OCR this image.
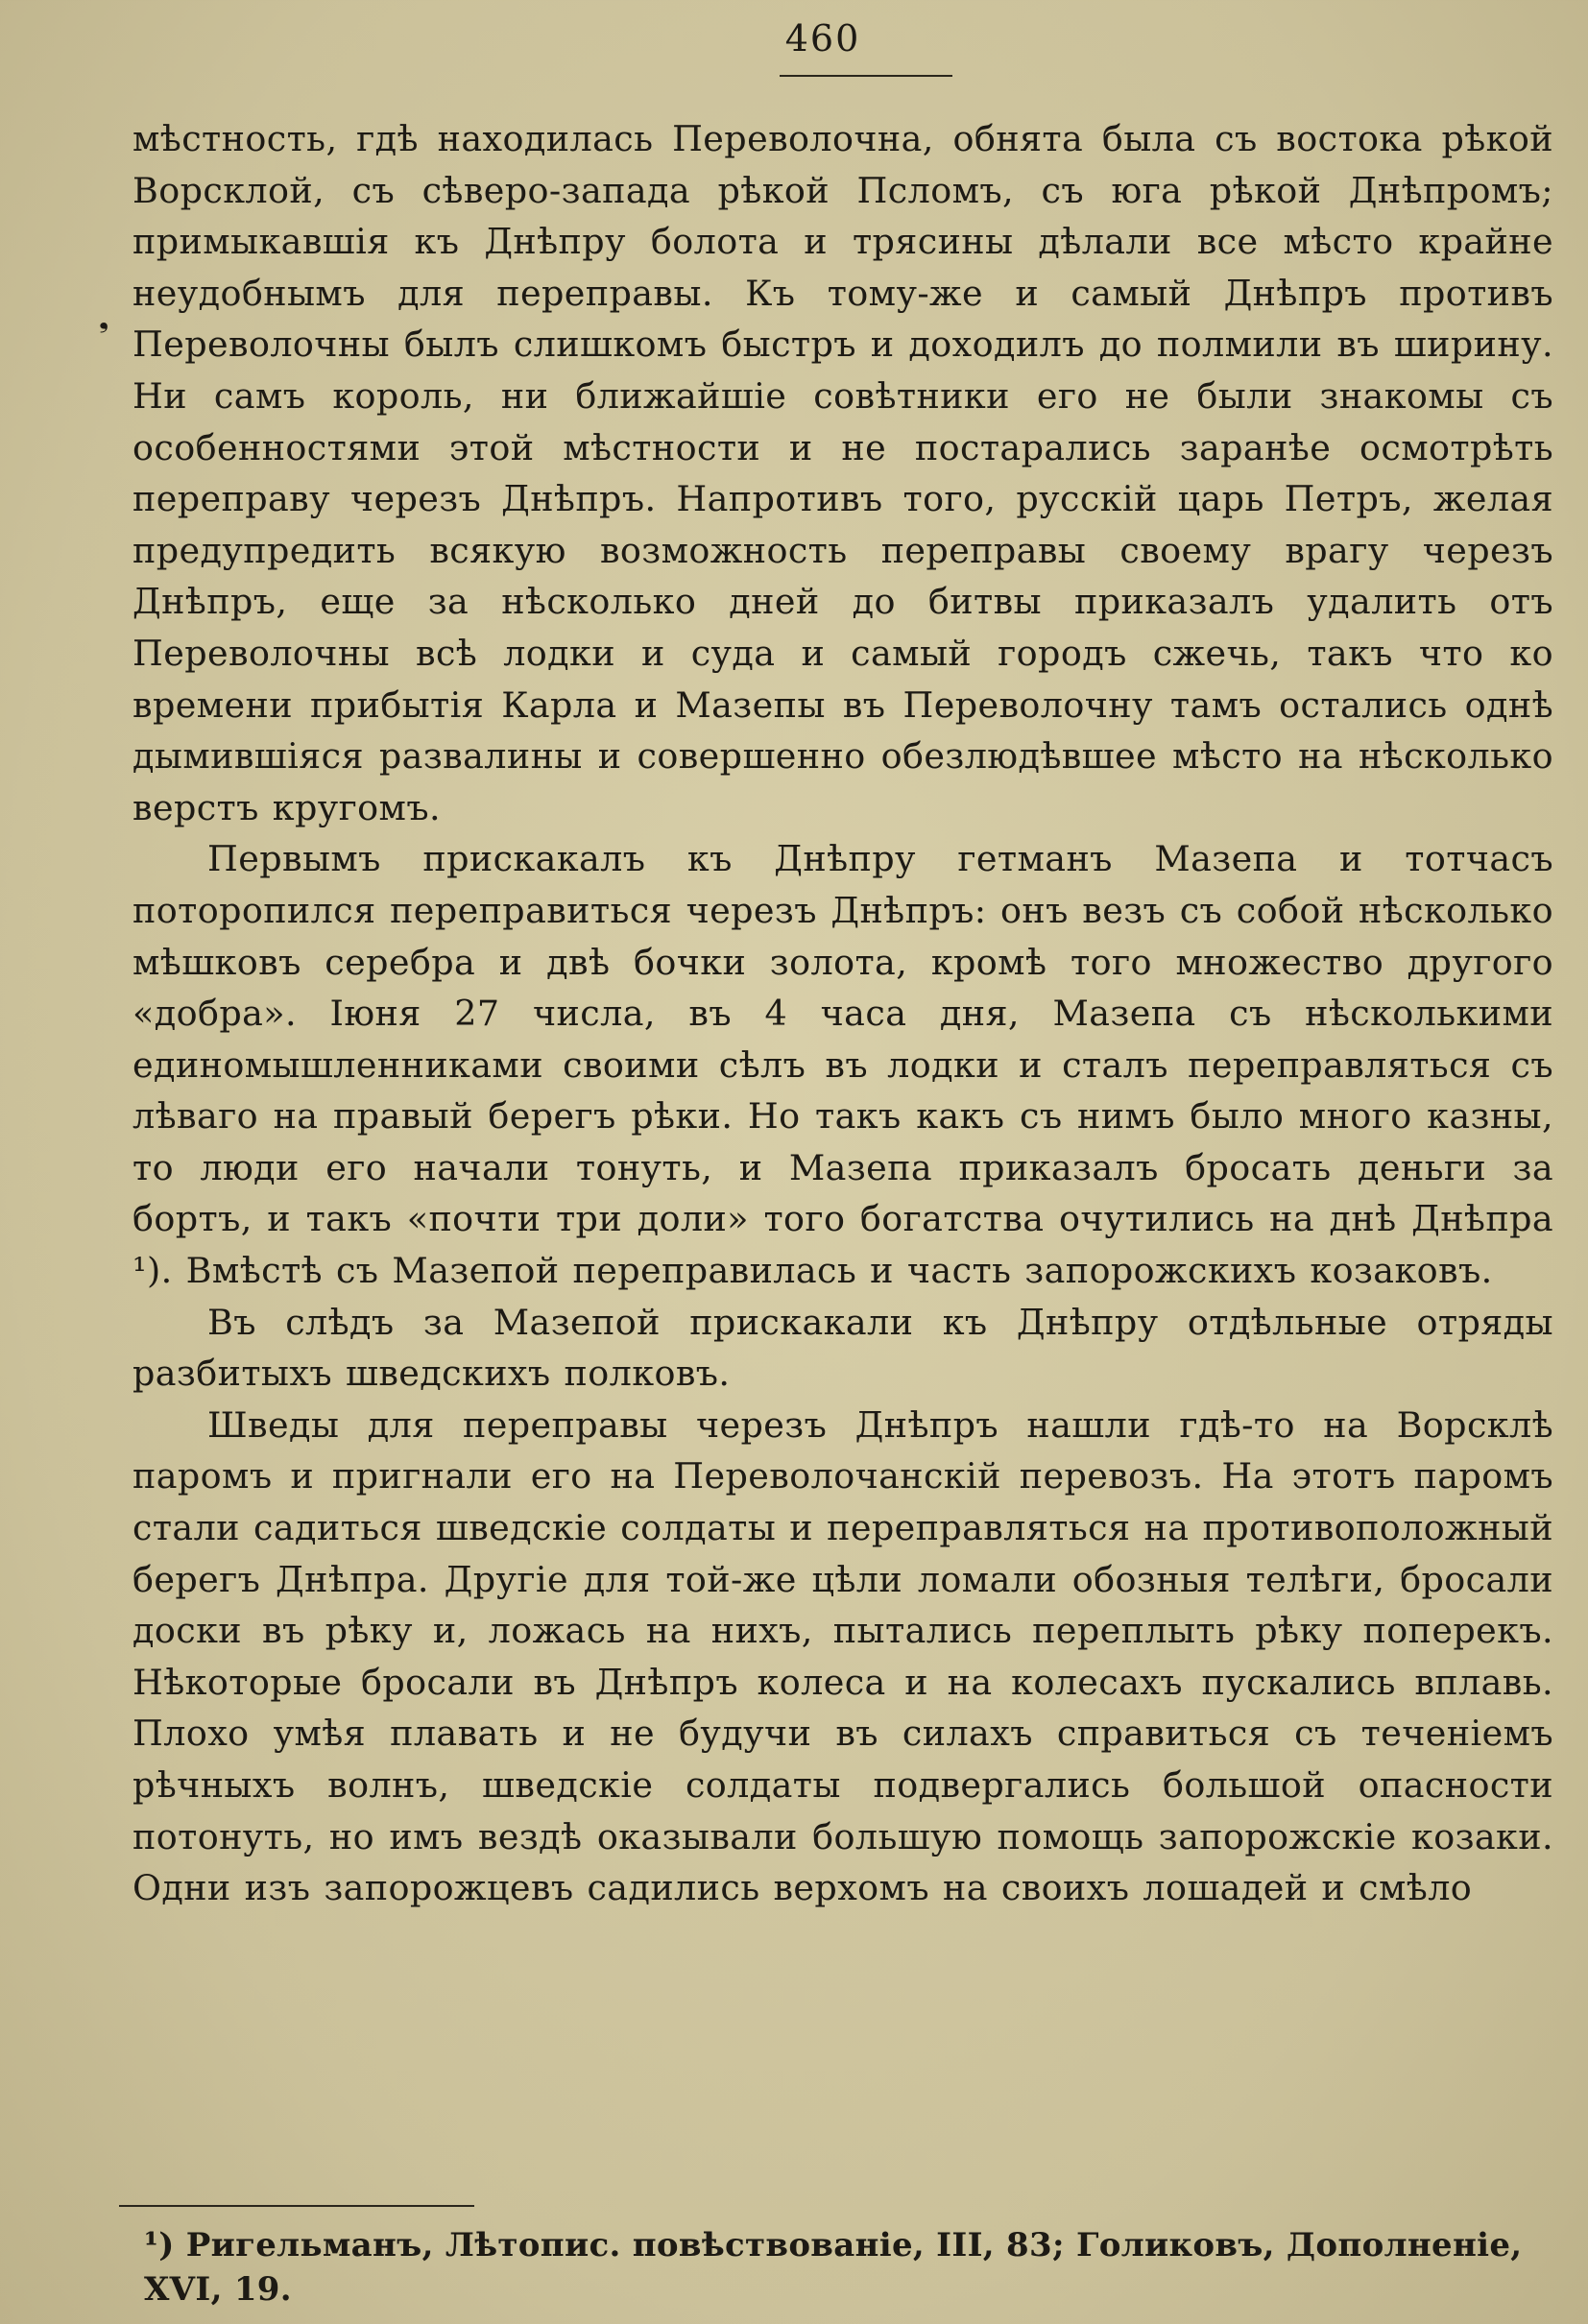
460
❟

мѣстность, гдѣ находилась Переволочна, обнята была съ востока рѣкой Ворсклой, съ сѣверо-запада рѣкой Псломъ, съ юга рѣкой Днѣпромъ; примыкавшія къ Днѣпру болота и трясины дѣлали все мѣсто крайне неудобнымъ для переправы. Къ тому-же и самый Днѣпръ противъ Переволочны былъ слишкомъ быстръ и доходилъ до полмили въ ширину. Ни самъ король, ни ближайшіе совѣтники его не были знакомы съ особенностями этой мѣстности и не постарались заранѣе осмотрѣть переправу черезъ Днѣпръ. Напротивъ того, русскій царь Петръ, желая предупредить всякую возможность переправы своему врагу черезъ Днѣпръ, еще за нѣсколько дней до битвы приказалъ удалить отъ Переволочны всѣ лодки и суда и самый городъ сжечь, такъ что ко времени прибытія Карла и Мазепы въ Переволочну тамъ остались однѣ дымившіяся развалины и совершенно обезлюдѣвшее мѣсто на нѣсколько верстъ кругомъ.

Первымъ прискакалъ къ Днѣпру гетманъ Мазепа и тотчасъ поторопился переправиться черезъ Днѣпръ: онъ везъ съ собой нѣсколько мѣшковъ серебра и двѣ бочки золота, кромѣ того множество другого «добра». Іюня 27 числа, въ 4 часа дня, Мазепа съ нѣсколькими единомышленниками своими сѣлъ въ лодки и сталъ переправляться съ лѣваго на правый берегъ рѣки. Но такъ какъ съ нимъ было много казны, то люди его начали тонуть, и Мазепа приказалъ бросать деньги за бортъ, и такъ «почти три доли» того богатства очутились на днѣ Днѣпра ¹). Вмѣстѣ съ Мазепой переправилась и часть запорожскихъ козаковъ.

Въ слѣдъ за Мазепой прискакали къ Днѣпру отдѣльные отряды разбитыхъ шведскихъ полковъ.

Шведы для переправы черезъ Днѣпръ нашли гдѣ-то на Ворсклѣ паромъ и пригнали его на Переволочанскій перевозъ. На этотъ паромъ стали садиться шведскіе солдаты и переправляться на противоположный берегъ Днѣпра. Другіе для той-же цѣли ломали обозныя телѣги, бросали доски въ рѣку и, ложась на нихъ, пытались переплыть рѣку поперекъ. Нѣкоторые бросали въ Днѣпръ колеса и на колесахъ пускались вплавь. Плохо умѣя плавать и не будучи въ силахъ справиться съ теченіемъ рѣчныхъ волнъ, шведскіе солдаты подвергались большой опасности потонуть, но имъ вездѣ оказывали большую помощь запорожскіе козаки. Одни изъ запорожцевъ садились верхомъ на своихъ лошадей и смѣло

¹) Ригельманъ, Лѣтопис. повѣствованіе, III, 83; Голиковъ, Дополненіе, XVI, 19.
